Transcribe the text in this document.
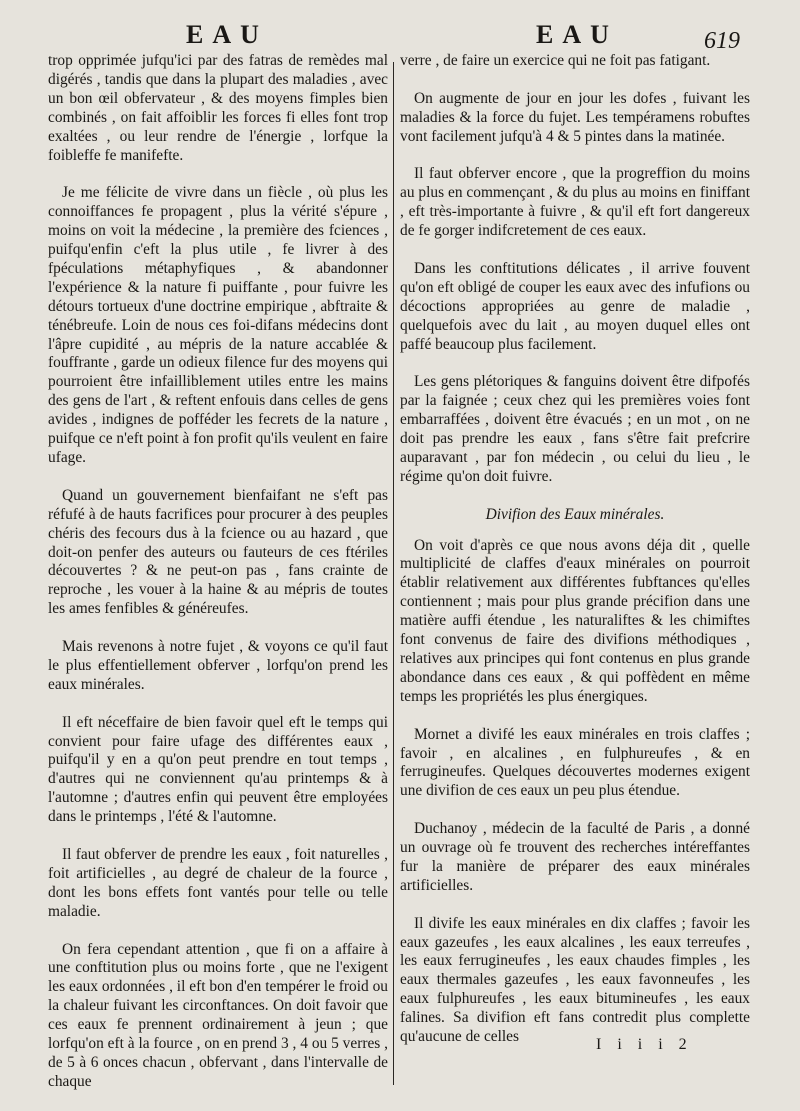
EAU	EAU	619

trop opprimée jufqu'ici par des fatras de remèdes mal digérés , tandis que dans la plupart des maladies , avec un bon œil obfervateur , & des moyens fimples bien combinés , on fait affoiblir les forces fi elles font trop exaltées , ou leur rendre de l'énergie , lorfque la foibleffe fe manifefte.

Je me félicite de vivre dans un fiècle , où plus les connoiffances fe propagent , plus la vérité s'épure , moins on voit la médecine , la première des fciences , puifqu'enfin c'eft la plus utile , fe livrer à des fpéculations métaphyfiques , & abandonner l'expérience & la nature fi puiffante , pour fuivre les détours tortueux d'une doctrine empirique , abftraite & ténébreufe. Loin de nous ces foi-difans médecins dont l'âpre cupidité , au mépris de la nature accablée & fouffrante , garde un odieux filence fur des moyens qui pourroient être infailliblement utiles entre les mains des gens de l'art , & reftent enfouis dans celles de gens avides , indignes de pofféder les fecrets de la nature , puifque ce n'eft point à fon profit qu'ils veulent en faire ufage.

Quand un gouvernement bienfaifant ne s'eft pas réfufé à de hauts facrifices pour procurer à des peuples chéris des fecours dus à la fcience ou au hazard , que doit-on penfer des auteurs ou fauteurs de ces ftériles découvertes ? & ne peut-on pas , fans crainte de reproche , les vouer à la haine & au mépris de toutes les ames fenfibles & généreufes.

Mais revenons à notre fujet , & voyons ce qu'il faut le plus effentiellement obferver , lorfqu'on prend les eaux minérales.

Il eft néceffaire de bien favoir quel eft le temps qui convient pour faire ufage des différentes eaux , puifqu'il y en a qu'on peut prendre en tout temps , d'autres qui ne conviennent qu'au printemps & à l'automne ; d'autres enfin qui peuvent être employées dans le printemps , l'été & l'automne.

Il faut obferver de prendre les eaux , foit naturelles , foit artificielles , au degré de chaleur de la fource , dont les bons effets font vantés pour telle ou telle maladie.

On fera cependant attention , que fi on a affaire à une conftitution plus ou moins forte , que ne l'exigent les eaux ordonnées , il eft bon d'en tempérer le froid ou la chaleur fuivant les circonftances. On doit favoir que ces eaux fe prennent ordinairement à jeun ; que lorfqu'on eft à la fource , on en prend 3 , 4 ou 5 verres , de 5 à 6 onces chacun , obfervant , dans l'intervalle de chaque

verre , de faire un exercice qui ne foit pas fatigant.

On augmente de jour en jour les dofes , fuivant les maladies & la force du fujet. Les tempéramens robuftes vont facilement jufqu'à 4 & 5 pintes dans la matinée.

Il faut obferver encore , que la progreffion du moins au plus en commençant , & du plus au moins en finiffant , eft très-importante à fuivre , & qu'il eft fort dangereux de fe gorger indifcretement de ces eaux.

Dans les conftitutions délicates , il arrive fouvent qu'on eft obligé de couper les eaux avec des infufions ou décoctions appropriées au genre de maladie , quelquefois avec du lait , au moyen duquel elles ont paffé beaucoup plus facilement.

Les gens plétoriques & fanguins doivent être difpofés par la faignée ; ceux chez qui les premières voies font embarraffées , doivent être évacués ; en un mot , on ne doit pas prendre les eaux , fans s'être fait prefcrire auparavant , par fon médecin , ou celui du lieu , le régime qu'on doit fuivre.

Divifion des Eaux minérales.

On voit d'après ce que nous avons déja dit , quelle multiplicité de claffes d'eaux minérales on pourroit établir relativement aux différentes fubftances qu'elles contiennent ; mais pour plus grande précifion dans une matière auffi étendue , les naturaliftes & les chimiftes font convenus de faire des divifions méthodiques , relatives aux principes qui font contenus en plus grande abondance dans ces eaux , & qui poffèdent en même temps les propriétés les plus énergiques.

Mornet a divifé les eaux minérales en trois claffes ; favoir , en alcalines , en fulphureufes , & en ferrugineufes. Quelques découvertes modernes exigent une divifion de ces eaux un peu plus étendue.

Duchanoy , médecin de la faculté de Paris , a donné un ouvrage où fe trouvent des recherches intéreffantes fur la manière de préparer des eaux minérales artificielles.

Il divife les eaux minérales en dix claffes ; favoir les eaux gazeufes , les eaux alcalines , les eaux terreufes , les eaux ferrugineufes , les eaux chaudes fimples , les eaux thermales gazeufes , les eaux favonneufes , les eaux fulphureufes , les eaux bitumineufes , les eaux falines. Sa divifion eft fans contredit plus complette qu'aucune de celles	I i i i 2
